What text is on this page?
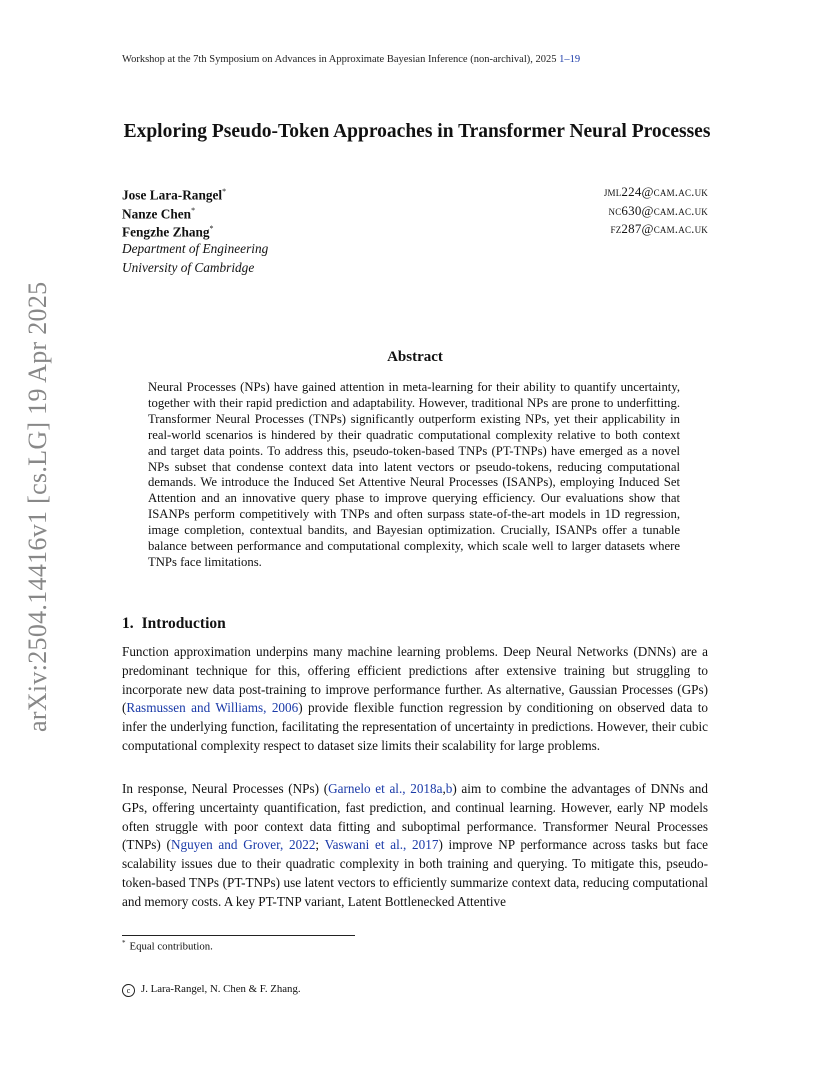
Workshop at the 7th Symposium on Advances in Approximate Bayesian Inference (non-archival), 2025 1–19
arXiv:2504.14416v1 [cs.LG] 19 Apr 2025
Exploring Pseudo-Token Approaches in Transformer Neural Processes
Jose Lara-Rangel*	jml224@cam.ac.uk
Nanze Chen*	nc630@cam.ac.uk
Fengzhe Zhang*	fz287@cam.ac.uk
Department of Engineering
University of Cambridge
Abstract
Neural Processes (NPs) have gained attention in meta-learning for their ability to quantify uncertainty, together with their rapid prediction and adaptability. However, traditional NPs are prone to underfitting. Transformer Neural Processes (TNPs) significantly outperform existing NPs, yet their applicability in real-world scenarios is hindered by their quadratic computational complexity relative to both context and target data points. To address this, pseudo-token-based TNPs (PT-TNPs) have emerged as a novel NPs subset that condense context data into latent vectors or pseudo-tokens, reducing computational demands. We introduce the Induced Set Attentive Neural Processes (ISANPs), employing Induced Set Attention and an innovative query phase to improve querying efficiency. Our evaluations show that ISANPs perform competitively with TNPs and often surpass state-of-the-art models in 1D regression, image completion, contextual bandits, and Bayesian optimization. Crucially, ISANPs offer a tunable balance between performance and computational complexity, which scale well to larger datasets where TNPs face limitations.
1. Introduction
Function approximation underpins many machine learning problems. Deep Neural Networks (DNNs) are a predominant technique for this, offering efficient predictions after extensive training but struggling to incorporate new data post-training to improve performance further. As alternative, Gaussian Processes (GPs) (Rasmussen and Williams, 2006) provide flexible function regression by conditioning on observed data to infer the underlying function, facilitating the representation of uncertainty in predictions. However, their cubic computational complexity respect to dataset size limits their scalability for large problems.
In response, Neural Processes (NPs) (Garnelo et al., 2018a,b) aim to combine the advantages of DNNs and GPs, offering uncertainty quantification, fast prediction, and continual learning. However, early NP models often struggle with poor context data fitting and suboptimal performance. Transformer Neural Processes (TNPs) (Nguyen and Grover, 2022; Vaswani et al., 2017) improve NP performance across tasks but face scalability issues due to their quadratic complexity in both training and querying. To mitigate this, pseudo-token-based TNPs (PT-TNPs) use latent vectors to efficiently summarize context data, reducing computational and memory costs. A key PT-TNP variant, Latent Bottlenecked Attentive
* Equal contribution.
c J. Lara-Rangel, N. Chen & F. Zhang.
